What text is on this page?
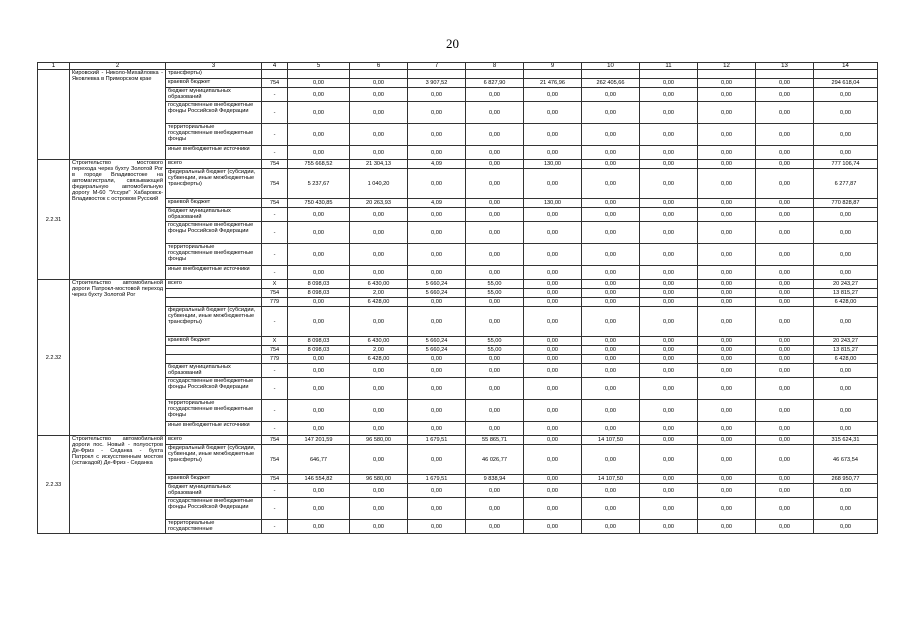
20
1	2	3	4	5	6	7	8	9	10	11	12	13	14
	Кировский - Николо-Михайловка - Яковлевка в Приморском крае	трансферты)											
		краевой бюджет	754	0,00	0,00	3 907,52	6 827,90	21 476,96	262 405,66	0,00	0,00	0,00	294 618,04
		бюджет муниципальных образований	-	0,00	0,00	0,00	0,00	0,00	0,00	0,00	0,00	0,00	0,00
		государственные внебюджетные фонды Российской Федерации	-	0,00	0,00	0,00	0,00	0,00	0,00	0,00	0,00	0,00	0,00
		территориальные государственные внебюджетные фонды	-	0,00	0,00	0,00	0,00	0,00	0,00	0,00	0,00	0,00	0,00
		иные внебюджетные источники	-	0,00	0,00	0,00	0,00	0,00	0,00	0,00	0,00	0,00	0,00
2.2.31	Строительство мостового перехода через бухту Золотой Рог в городе Владивостоке на автомагистрали, связывающей федеральную автомобильную дорогу М-60 "Уссури" Хабаровск-Владивосток с островом Русский	всего	754	755 668,52	21 304,13	4,09	0,00	130,00	0,00	0,00	0,00	0,00	777 106,74
		федеральный бюджет (субсидии, субвенции, иные межбюджетные трансферты)	754	5 237,67	1 040,20	0,00	0,00	0,00	0,00	0,00	0,00	0,00	6 277,87
		краевой бюджет	754	750 430,85	20 263,93	4,09	0,00	130,00	0,00	0,00	0,00	0,00	770 828,87
		бюджет муниципальных образований	-	0,00	0,00	0,00	0,00	0,00	0,00	0,00	0,00	0,00	0,00
		государственные внебюджетные фонды Российской Федерации	-	0,00	0,00	0,00	0,00	0,00	0,00	0,00	0,00	0,00	0,00
		территориальные государственные внебюджетные фонды	-	0,00	0,00	0,00	0,00	0,00	0,00	0,00	0,00	0,00	0,00
		иные внебюджетные источники	-	0,00	0,00	0,00	0,00	0,00	0,00	0,00	0,00	0,00	0,00
2.2.32	Строительство автомобильной дороги Патрокл-мостовой переход через бухту Золотой Рог	всего	Х	8 098,03	6 430,00	5 660,24	55,00	0,00	0,00	0,00	0,00	0,00	20 243,27
			754	8 098,03	2,00	5 660,24	55,00	0,00	0,00	0,00	0,00	0,00	13 815,27
			779	0,00	6 428,00	0,00	0,00	0,00	0,00	0,00	0,00	0,00	6 428,00
		федеральный бюджет (субсидии, субвенции, иные межбюджетные трансферты)	-	0,00	0,00	0,00	0,00	0,00	0,00	0,00	0,00	0,00	0,00
		краевой бюджет	Х	8 098,03	6 430,00	5 660,24	55,00	0,00	0,00	0,00	0,00	0,00	20 243,27
			754	8 098,03	2,00	5 660,24	55,00	0,00	0,00	0,00	0,00	0,00	13 815,27
			779	0,00	6 428,00	0,00	0,00	0,00	0,00	0,00	0,00	0,00	6 428,00
		бюджет муниципальных образований	-	0,00	0,00	0,00	0,00	0,00	0,00	0,00	0,00	0,00	0,00
		государственные внебюджетные фонды Российской Федерации	-	0,00	0,00	0,00	0,00	0,00	0,00	0,00	0,00	0,00	0,00
		территориальные государственные внебюджетные фонды	-	0,00	0,00	0,00	0,00	0,00	0,00	0,00	0,00	0,00	0,00
		иные внебюджетные источники	-	0,00	0,00	0,00	0,00	0,00	0,00	0,00	0,00	0,00	0,00
2.2.33	Строительство автомобильной дороги пос. Новый - полуостров Де-Фриз - Седанка - бухта Патрокл с искусственным мостом (эстакадой) Де-Фриз - Седанка	всего	754	147 201,59	96 580,00	1 679,51	55 865,71	0,00	14 107,50	0,00	0,00	0,00	315 624,31
		федеральный бюджет (субсидии, субвенции, иные межбюджетные трансферты)	754	646,77	0,00	0,00	46 026,77	0,00	0,00	0,00	0,00	0,00	46 673,54
		краевой бюджет	754	146 554,82	96 580,00	1 679,51	9 838,94	0,00	14 107,50	0,00	0,00	0,00	268 950,77
		бюджет муниципальных образований	-	0,00	0,00	0,00	0,00	0,00	0,00	0,00	0,00	0,00	0,00
		государственные внебюджетные фонды Российской Федерации	-	0,00	0,00	0,00	0,00	0,00	0,00	0,00	0,00	0,00	0,00
		территориальные государственные	-	0,00	0,00	0,00	0,00	0,00	0,00	0,00	0,00	0,00	0,00
